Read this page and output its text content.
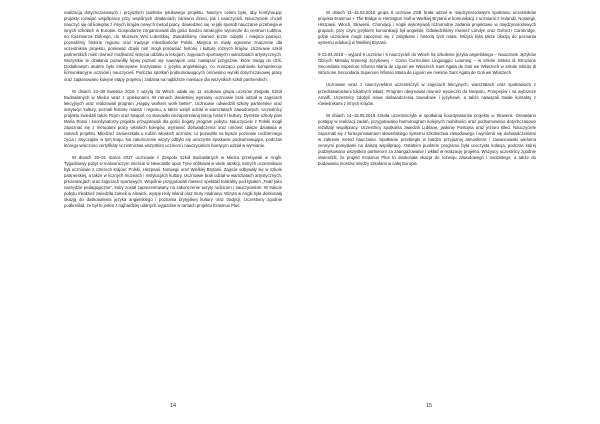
realizacją dotychczasowych i przyszłych punktów tytułowego projektu. Naszym celem było, aby kontynuując projekty rozwijać współpracę przy wspólnych działaniach zarówno dzieci, jak i nauczycieli. Nauczyciele chcieli nauczyć się od kolegów z innych krajów nowych metod pracy, dowiedzieć się, w jaki sposób nauczanie przebiega w innych szkołach w Europie. Gospodarze zorganizowali dla gości bardzo atrakcyjne wycieczki do centrum Lublina, do Kazimierza Dolnego, do Muzeum Wsi Lubelskiej. Zwiedziliśmy również liczne zabytki i miejsca pamięci, poznaliśmy historię regionu oraz tradycje mieszkańców Polski. Miejsca te miały ogromne znaczenie dla uczestników projektu, ponieważ dzięki nim mogli porównać historię i kulturę różnych krajów. Uczniowie szkół partnerskich mieli również możliwość wzięcia udziału w lekcjach, zajęciach sportowych i warsztatach artystycznych. Wszystkie te działania pozwoliły lepiej poznać się nawzajem oraz nawiązać przyjaźnie, które trwają do dziś. Dodatkowym atutem było intensywne korzystanie z języka angielskiego, co znacząco podniosło kompetencje komunikacyjne uczniów i nauczycieli. Podczas spotkań podsumowujących omówiono wyniki dotychczasowej pracy oraz zaplanowano kolejne etapy projektu i zadania na najbliższe miesiące dla wszystkich szkół partnerskich.

W dniach 23–30 kwietnia 2016 z wizytą do Włoch udała się 11 osobowa grupa uczniów Zespołu Szkół Budowlanych w Mielcu wraz z opiekunami. W ramach dwuletniej wymiany uczniowie brali udział w zajęciach lekcyjnych oraz realizowali program „Happy workers work better”. Uczniowie odwiedzili szkoły partnerskie oraz instytucje kultury, poznali historię miasta i regionu, a także wzięli udział w warsztatach zawodowych. Uczestnicy projektu zwiedzili także Rzym oraz Neapol, co stanowiło niezapomnianą lekcję historii i kultury. Dyrektor szkoły pani Maria Rossi i koordynatorzy projektu przygotowali dla gości bogaty program pobytu. Nauczyciele z Polski mogli zapoznać się z metodami pracy włoskich kolegów, wymienić doświadczenia oraz omówić dalsze działania w ramach projektu. Młodzież zamieszkała u rodzin włoskich uczniów, co pozwoliło na lepsze poznanie codziennego życia i zwyczajów w tym kraju. Na zakończenie wizyty odbyło się uroczyste spotkanie podsumowujące, podczas którego wręczono certyfikaty uczestnictwa wszystkim uczniom i nauczycielom biorącym udział w wymianie.

W dniach 26–31 marca 2017 uczniowie z Zespołu Szkół Budowlanych w Mielcu przebywali w Anglii. Tygodniowy pobyt w malowniczym mieście w Newcastle upon Tyne obfitował w wiele atrakcji, których uczestnikami byli uczniowie z czterech krajów: Polski, Hiszpanii, Norwegii oraz Wielkiej Brytanii. Zajęcia odbywały się w szkole partnerskiej, a także w licznych muzeach i instytucjach kultury. Uczniowie brali udział w warsztatach artystycznych, prezentacjach oraz zajęciach sportowych. Wspólnie przygotowali również spektakl teatralny pod tytułem „Teatr jako narzędzie pedagogiczne”, który został zaprezentowany na zakończenie wizyty rodzicom i nauczycielom. W trakcie pobytu młodzież zwiedziła zamek w Alnwick, wyspę Holy Island oraz mury Hadriana. Wizyta w Anglii była doskonałą okazją do doskonalenia języka angielskiego i poznania brytyjskiej kultury oraz tradycji. Uczestnicy zgodnie podkreślali, że był to jeden z najbardziej udanych wyjazdów w ramach projektu Erasmus Plus.

14

W dniach 11–16.02.2018 grupa 6 uczniów ZSB brała udział w międzynarodowym spotkaniu uczestników projektu Erasmus + The Bridge w Hertington Hall w Wielkiej Brytanii w komunikacji z uczniami z Holandii, Norwegii, Hiszpanii, Włoch, Słowenii, Chorwacji i Anglii wykonywali różnorodne zadania projektowe w międzynarodowych grupach, przy czym językiem komunikacji był angielski. Odwiedziliśmy również Londyn oraz Oxford i Cambridge, gdzie uczniowie mogli zapoznać się z zabytkami i historią tych miast. Wizyta była także okazją do poznania systemu edukacji w Wielkiej Brytanii.

9-13.04.2018 – wyjazd 6 uczniów i 5 nauczycieli do Włoch na szkolenie języka angielskiego – Nauczanie Języków Obcych Metodą Immersji Językowej – Corso Curriculare Linguaggio Learning – w szkole Istituto di Istruzione Secondaria Superiore Alfonso Maria de Liguori we Włoszech Sant Agata de Goti we Włoszech w szkole Istituto di Istruzione Secondaria Superiore Alfonso Maria de Liguori we mieście Sant Agata de Goti we Włoszech.

Uczniowie wraz z nauczycielami uczestniczyli w zajęciach lekcyjnych, warsztatach oraz spotkaniach z przedstawicielami lokalnych władz. Program obejmował również wycieczki do Neapolu, Pompejów i na wybrzeże Amalfi. Uczestnicy zdobyli nowe doświadczenia zawodowe i językowe, a także nawiązali trwałe kontakty z rówieśnikami z innych krajów.

W dniach 14–18.05.2018 szkoła uczestniczyła w spotkaniu koordynatorów projektu w Słowenii. Omawiano postępy w realizacji zadań, przygotowano harmonogram kolejnych mobilności oraz podsumowano dotychczasowe rezultaty współpracy. Uczestnicy spotkania zwiedzili Lublanę, jaskinię Postojna oraz jezioro Bled. Nauczyciele zapoznali się z funkcjonowaniem słoweńskiego systemu szkolnictwa zawodowego i wymienili się doświadczeniami w zakresie metod nauczania. Spotkanie przebiegło w bardzo przyjaznej atmosferze i zaowocowało wieloma cennymi pomysłami na dalszą współpracę. Ostatnim punktem programu była uroczysta kolacja, podczas której podziękowano wszystkim partnerom za zaangażowanie i wkład w realizację projektu. Wszyscy uczestnicy zgodnie stwierdzili, że projekt Erasmus Plus to doskonała okazja do rozwoju zawodowego i osobistego, a także do budowania mostów między szkołami w całej Europie.

15
